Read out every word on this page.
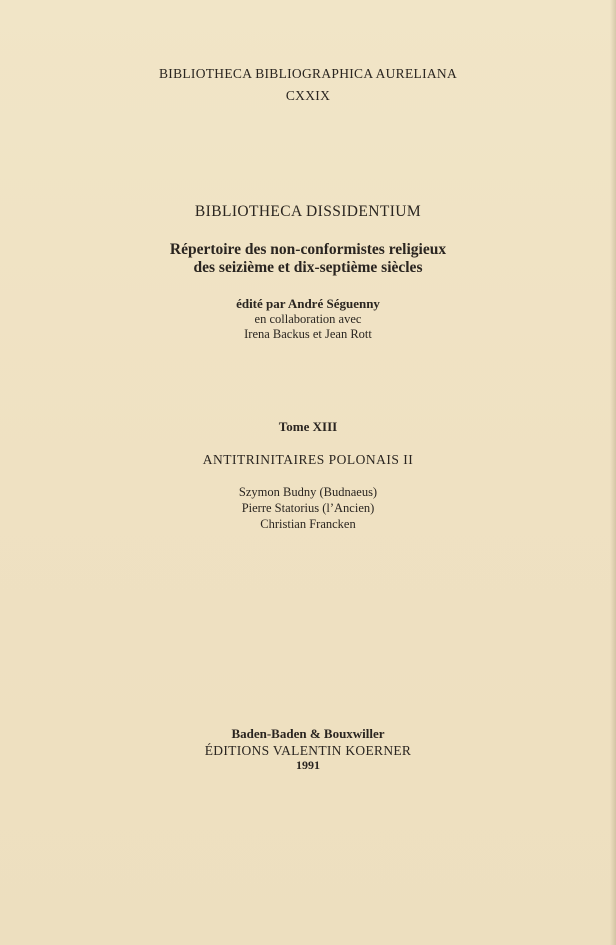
BIBLIOTHECA BIBLIOGRAPHICA AURELIANA
CXXIX
BIBLIOTHECA DISSIDENTIUM
Répertoire des non-conformistes religieux
des seizième et dix-septième siècles
édité par André Séguenny
en collaboration avec
Irena Backus et Jean Rott
Tome XIII
ANTITRINITAIRES POLONAIS II
Szymon Budny (Budnaeus)
Pierre Statorius (l’Ancien)
Christian Francken
Baden-Baden & Bouxwiller
ÉDITIONS VALENTIN KOERNER
1991
